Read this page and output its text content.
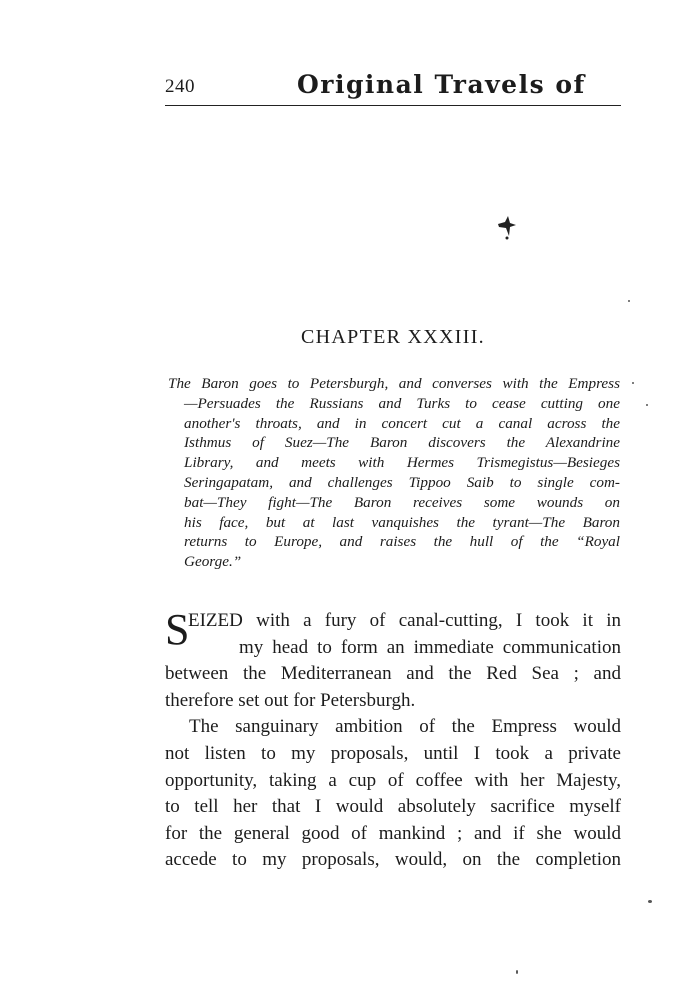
240	Original Travels of
CHAPTER XXXIII.
The Baron goes to Petersburgh, and converses with the Empress
—Persuades the Russians and Turks to cease cutting one
another's throats, and in concert cut a canal across the
Isthmus of Suez—The Baron discovers the Alexandrine
Library, and meets with Hermes Trismegistus—Besieges
Seringapatam, and challenges Tippoo Saib to single com-
bat—They fight—The Baron receives some wounds on
his face, but at last vanquishes the tyrant—The Baron
returns to Europe, and raises the hull of the “Royal
George.”
S
EIZED with a fury of canal-cutting, I took it in
my head to form an immediate communication
between the Mediterranean and the Red Sea ; and
therefore set out for Petersburgh.
The sanguinary ambition of the Empress would
not listen to my proposals, until I took a private
opportunity, taking a cup of coffee with her Majesty,
to tell her that I would absolutely sacrifice myself
for the general good of mankind ; and if she would
accede to my proposals, would, on the completion
